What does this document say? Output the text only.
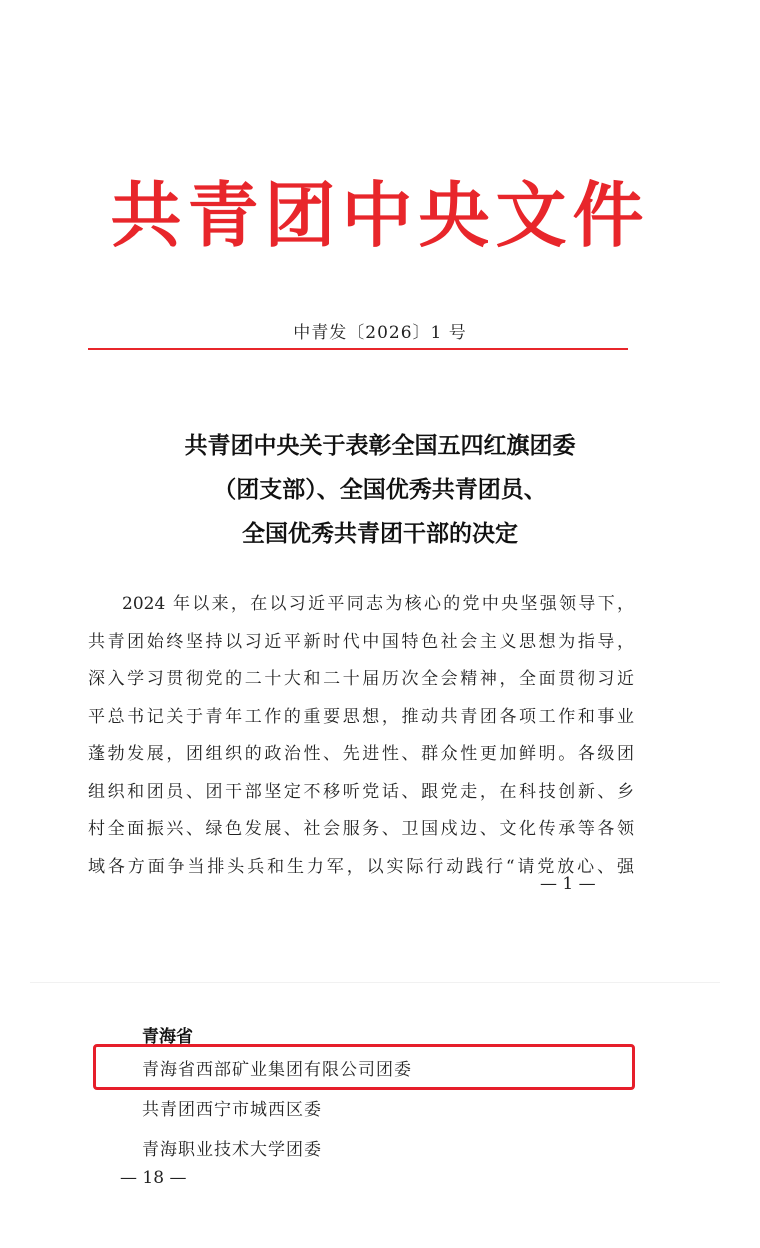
共青团中央文件
中青发〔2026〕1 号
共青团中央关于表彰全国五四红旗团委
（团支部）、全国优秀共青团员、
全国优秀共青团干部的决定
2024 年以来，在以习近平同志为核心的党中央坚强领导下，
共青团始终坚持以习近平新时代中国特色社会主义思想为指导，
深入学习贯彻党的二十大和二十届历次全会精神，全面贯彻习近
平总书记关于青年工作的重要思想，推动共青团各项工作和事业
蓬勃发展，团组织的政治性、先进性、群众性更加鲜明。各级团
组织和团员、团干部坚定不移听党话、跟党走，在科技创新、乡
村全面振兴、绿色发展、社会服务、卫国戍边、文化传承等各领
域各方面争当排头兵和生力军，以实际行动践行“请党放心、强
— 1 —
青海省
青海省西部矿业集团有限公司团委
共青团西宁市城西区委
青海职业技术大学团委
— 18 —
